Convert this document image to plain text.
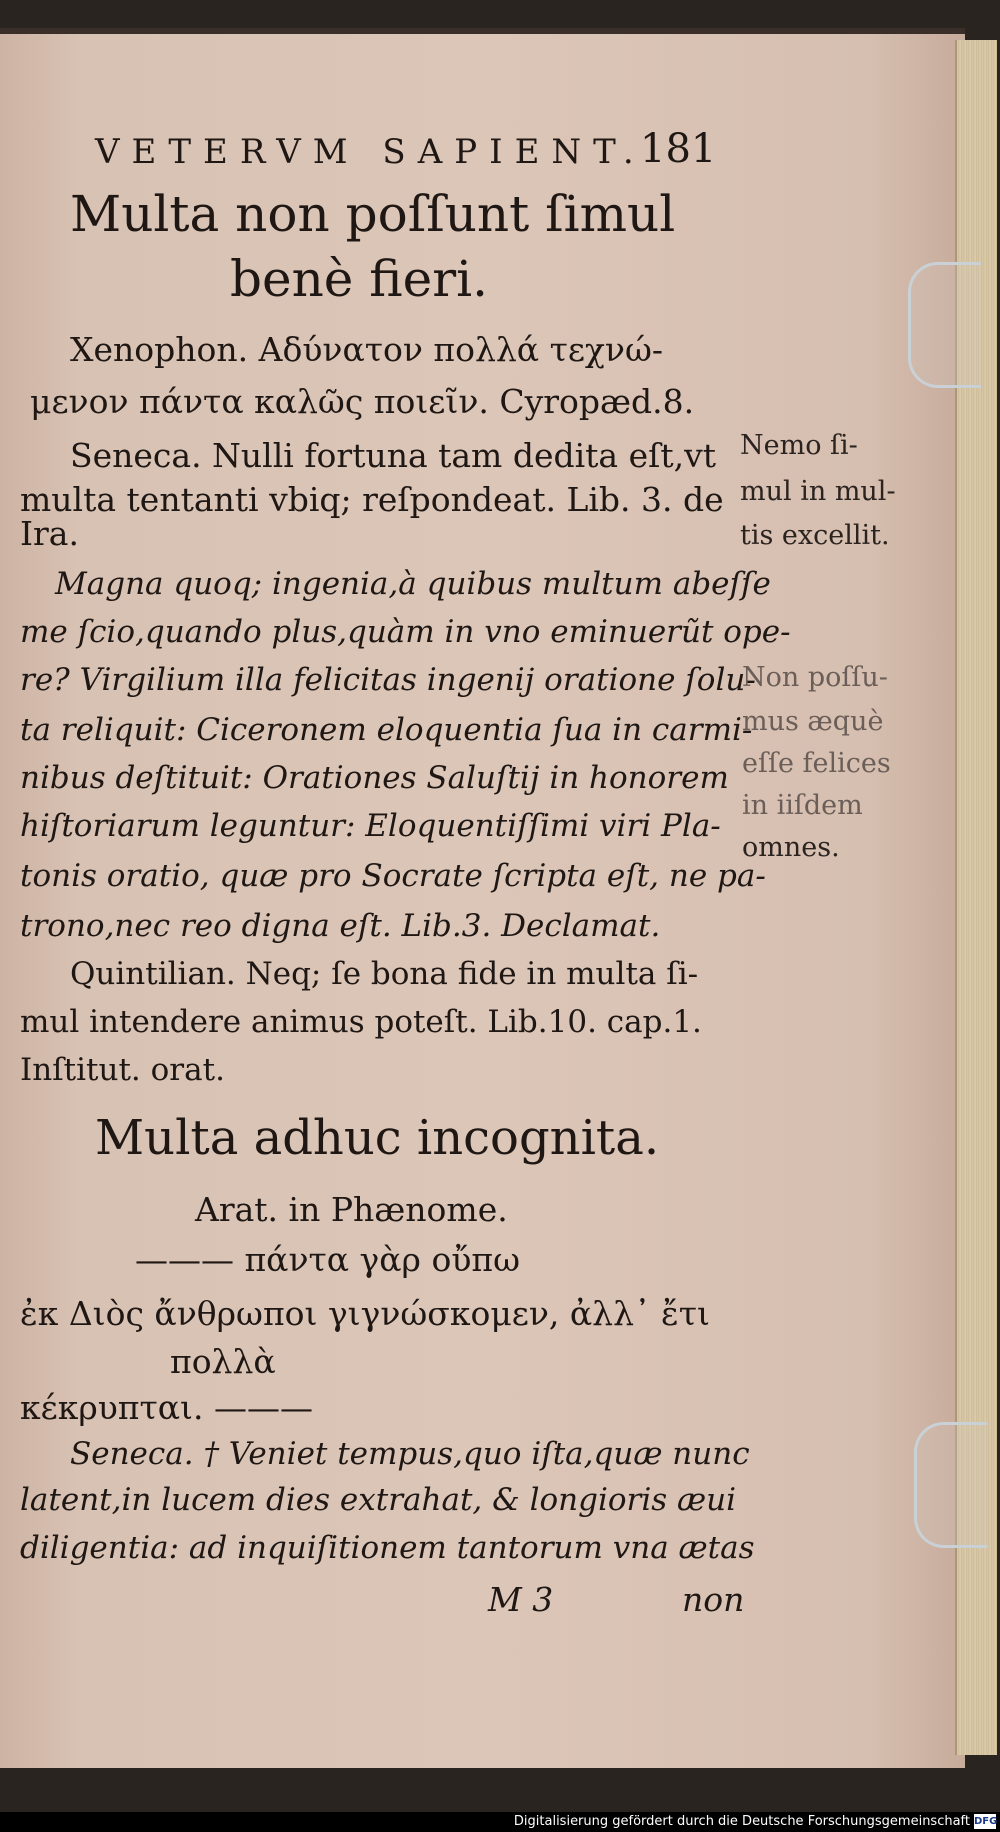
VETERVM SAPIENT.
181
Multa non poſſunt ſimul
benè fieri.
Xenophon. Αδύνατον πολλά τεχνώ-
μενον πάντα καλῶς ποιεῖν. Cyropæd.8.
Seneca. Nulli fortuna tam dedita eſt,vt
multa tentanti vbiq; reſpondeat. Lib. 3. de
Ira.
Magna quoq; ingenia,à quibus multum abeſſe
me ſcio,quando plus,quàm in vno eminuerũt ope-
re? Virgilium illa felicitas ingenij oratione ſolu-
ta reliquit: Ciceronem eloquentia ſua in carmi-
nibus deſtituit: Orationes Saluſtij in honorem
hiſtoriarum leguntur: Eloquentiſſimi viri Pla-
tonis oratio, quæ pro Socrate ſcripta eſt, ne pa-
trono,nec reo digna eſt. Lib.3. Declamat.
Quintilian. Neq; ſe bona fide in multa ſi-
mul intendere animus poteſt. Lib.10. cap.1.
Inſtitut. orat.
Nemo ſi-
mul in mul-
tis excellit.
Non poſſu-
mus æquè
eſſe felices
in iiſdem
omnes.
Multa adhuc incognita.
Arat. in Phænome.
——— πάντα γὰρ οὔπω
ἐκ Διὸς ἄνθρωποι γιγνώσκομεν, ἀλλ᾽ ἔτι
πολλὰ
κέκρυπται. ———
Seneca. † Veniet tempus,quo iſta,quæ nunc
latent,in lucem dies extrahat, & longioris æui
diligentia: ad inquiſitionem tantorum vna ætas
M 3	non
Digitalisierung gefördert durch die Deutsche Forschungsgemeinschaft DFG
